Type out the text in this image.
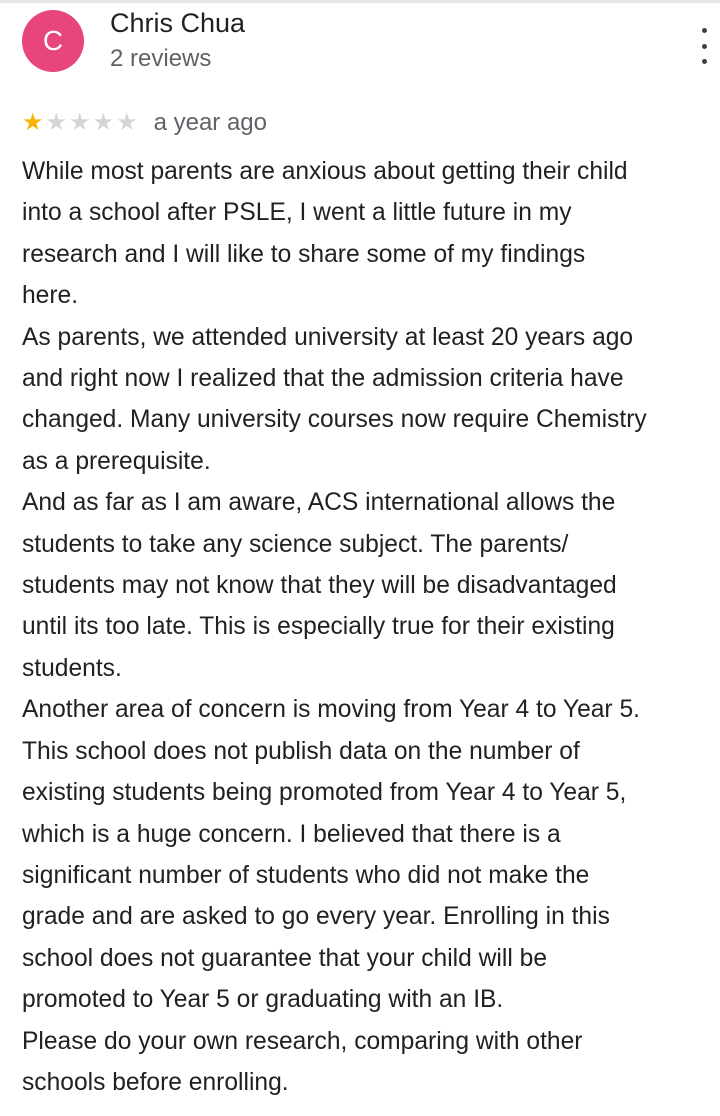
C
Chris Chua
2 reviews
★ ★ ★ ★ ★ a year ago
While most parents are anxious about getting their child
into a school after PSLE, I went a little future in my
research and I will like to share some of my findings
here.
As parents, we attended university at least 20 years ago
and right now I realized that the admission criteria have
changed. Many university courses now require Chemistry
as a prerequisite.
And as far as I am aware, ACS international allows the
students to take any science subject. The parents/
students may not know that they will be disadvantaged
until its too late. This is especially true for their existing
students.
Another area of concern is moving from Year 4 to Year 5.
This school does not publish data on the number of
existing students being promoted from Year 4 to Year 5,
which is a huge concern. I believed that there is a
significant number of students who did not make the
grade and are asked to go every year. Enrolling in this
school does not guarantee that your child will be
promoted to Year 5 or graduating with an IB.
Please do your own research, comparing with other
schools before enrolling.
